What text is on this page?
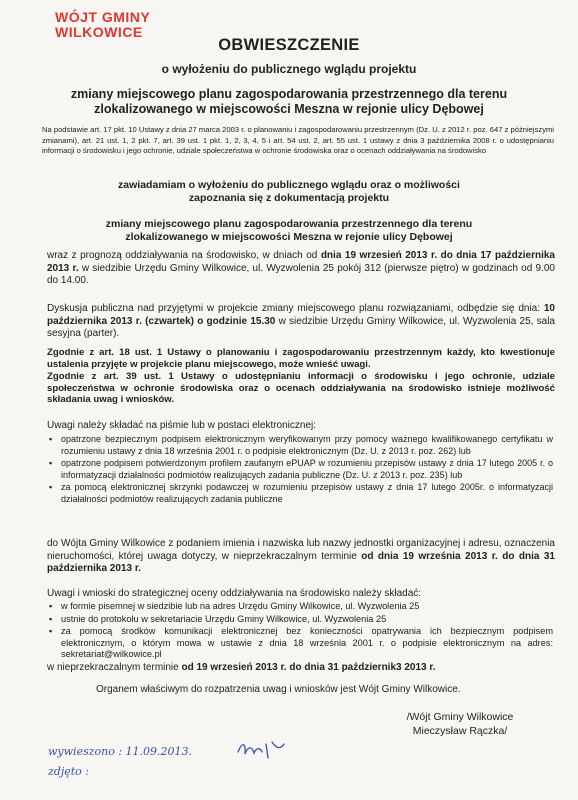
WÓJT GMINY
WILKOWICE
OBWIESZCZENIE
o wyłożeniu do publicznego wglądu projektu
zmiany miejscowego planu zagospodarowania przestrzennego dla terenu
zlokalizowanego w miejscowości Meszna w rejonie ulicy Dębowej
Na podstawie art. 17 pkt. 10 Ustawy z dnia 27 marca 2003 r. o planowaniu i zagospodarowaniu przestrzennym (Dz. U. z 2012 r. poz. 647 z późniejszymi zmianami), art. 21 ust. 1, 2 pkt. 7, art. 39 ust. 1 pkt. 1, 2, 3, 4, 5 i art. 54 ust. 2, art. 55 ust. 1 ustawy z dnia 3 października 2008 r. o udostępnianiu informacji o środowisku i jego ochronie, udziale społeczeństwa w ochronie środowiska oraz o ocenach oddziaływania na środowisko
zawiadamiam o wyłożeniu do publicznego wglądu oraz o możliwości
zapoznania się z dokumentacją projektu
zmiany miejscowego planu zagospodarowania przestrzennego dla terenu
zlokalizowanego w miejscowości Meszna w rejonie ulicy Dębowej
wraz z prognozą oddziaływania na środowisko, w dniach od dnia 19 wrzesień 2013 r. do dnia 17 października 2013 r. w siedzibie Urzędu Gminy Wilkowice, ul. Wyzwolenia 25 pokój 312 (pierwsze piętro) w godzinach od 9.00 do 14.00.
Dyskusja publiczna nad przyjętymi w projekcie zmiany miejscowego planu rozwiązaniami, odbędzie się dnia: 10 października 2013 r. (czwartek) o godzinie 15.30 w siedzibie Urzędu Gminy Wilkowice, ul. Wyzwolenia 25, sala sesyjna (parter).
Zgodnie z art. 18 ust. 1 Ustawy o planowaniu i zagospodarowaniu przestrzennym każdy, kto kwestionuje ustalenia przyjęte w projekcie planu miejscowego, może wnieść uwagi.
Zgodnie z art. 39 ust. 1 Ustawy o udostępnianiu informacji o środowisku i jego ochronie, udziale społeczeństwa w ochronie środowiska oraz o ocenach oddziaływania na środowisko istnieje możliwość składania uwag i wniosków.
Uwagi należy składać na piśmie lub w postaci elektronicznej:
▪ opatrzone bezpiecznym podpisem elektronicznym weryfikowanym przy pomocy ważnego kwalifikowanego certyfikatu w rozumieniu ustawy z dnia 18 września 2001 r. o podpisie elektronicznym (Dz. U. z 2013 r. poz. 262) lub
▪ opatrzone podpisem potwierdzonym profilem zaufanym ePUAP w rozumieniu przepisów ustawy z dnia 17 lutego 2005 r. o informatyzacji działalności podmiotów realizujących zadania publiczne (Dz. U. z 2013 r. poz. 235) lub
▪ za pomocą elektronicznej skrzynki podawczej w rozumieniu przepisów ustawy z dnia 17 lutego 2005r. o informatyzacji działalności podmiotów realizujących zadania publiczne
do Wójta Gminy Wilkowice z podaniem imienia i nazwiska lub nazwy jednostki organizacyjnej i adresu, oznaczenia nieruchomości, której uwaga dotyczy, w nieprzekraczalnym terminie od dnia 19 września 2013 r. do dnia 31 października 2013 r.
Uwagi i wnioski do strategicznej oceny oddziaływania na środowisko należy składać:
▪ w formie pisemnej w siedzibie lub na adres Urzędu Gminy Wilkowice, ul. Wyzwolenia 25
▪ ustnie do protokołu w sekretariacie Urzędu Gminy Wilkowice, ul. Wyzwolenia 25
▪ za pomocą środków komunikacji elektronicznej bez konieczności opatrywania ich bezpiecznym podpisem elektronicznym, o którym mowa w ustawie z dnia 18 września 2001 r. o podpisie elektronicznym na adres: sekretariat@wilkowice.pl
w nieprzekraczalnym terminie od 19 wrzesień 2013 r. do dnia 31 październik3 2013 r.
Organem właściwym do rozpatrzenia uwag i wniosków jest Wójt Gminy Wilkowice.
/Wójt Gminy Wilkowice
Mieczysław Rączka/
wywieszono : 11.09.2013.
zdjęto :
